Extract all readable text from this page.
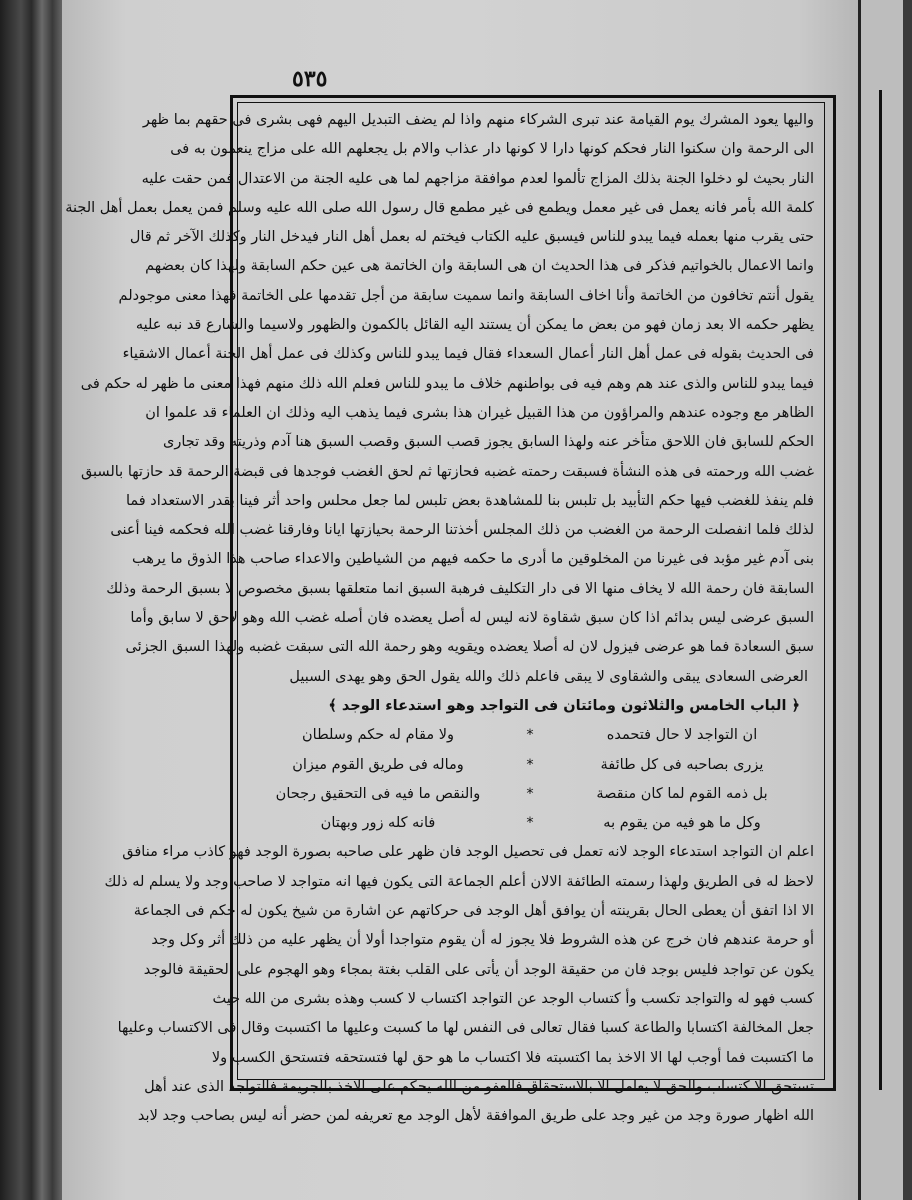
٥٣٥
واليها يعود المشرك يوم القيامة عند تبرى الشركاء منهم واذا لم يضف التبديل اليهم فهى بشرى فى حقهم بما ظهر
الى الرحمة وان سكنوا النار فحكم كونها دارا لا كونها دار عذاب والام بل يجعلهم الله على مزاج ينعمون به فى
النار بحيث لو دخلوا الجنة بذلك المزاج تألموا لعدم موافقة مزاجهم لما هى عليه الجنة من الاعتدال فمن حقت عليه
كلمة الله بأمر فانه يعمل فى غير معمل ويطمع فى غير مطمع قال رسول الله صلى الله عليه وسلم فمن يعمل بعمل أهل الجنة
حتى يقرب منها بعمله فيما يبدو للناس فيسبق عليه الكتاب فيختم له بعمل أهل النار فيدخل النار وكذلك الآخر ثم قال
وانما الاعمال بالخواتيم فذكر فى هذا الحديث ان هى السابقة وان الخاتمة هى عين حكم السابقة ولهذا كان بعضهم
يقول أنتم تخافون من الخاتمة وأنا اخاف السابقة وانما سميت سابقة من أجل تقدمها على الخاتمة فهذا معنى موجودلم
يظهر حكمه الا بعد زمان فهو من بعض ما يمكن أن يستند اليه القائل بالكمون والظهور ولاسيما والشارع قد نبه عليه
فى الحديث بقوله فى عمل أهل النار أعمال السعداء فقال فيما يبدو للناس وكذلك فى عمل أهل الجنة أعمال الاشقياء
فيما يبدو للناس والذى عند هم وهم فيه فى بواطنهم خلاف ما يبدو للناس فعلم الله ذلك منهم فهذا معنى ما ظهر له حكم فى
الظاهر مع وجوده عندهم والمراؤون من هذا القبيل غيران هذا بشرى فيما يذهب اليه وذلك ان العلماء قد علموا ان
الحكم للسابق فان اللاحق متأخر عنه ولهذا السابق يجوز قصب السبق وقصب السبق هنا آدم وذريته وقد تجارى
غضب الله ورحمته فى هذه النشأة فسبقت رحمته غضبه فحازتها ثم لحق الغضب فوجدها فى قبضة الرحمة قد حازتها بالسبق
فلم ينفذ للغضب فيها حكم التأبيد بل تلبس بنا للمشاهدة بعض تلبس لما جعل محلس واحد أثر فينا بقدر الاستعداد فما
لذلك فلما انفصلت الرحمة من الغضب من ذلك المجلس أخذتنا الرحمة بحيازتها ايانا وفارقنا غضب الله فحكمه فينا أعنى
بنى آدم غير مؤبد فى غيرنا من المخلوقين ما أدرى ما حكمه فيهم من الشياطين والاعداء صاحب هذا الذوق ما يرهب
السابقة فان رحمة الله لا يخاف منها الا فى دار التكليف فرهبة السبق انما متعلقها بسبق مخصوص لا بسبق الرحمة وذلك
السبق عرضى ليس بدائم اذا كان سبق شقاوة لانه ليس له أصل يعضده فان أصله غضب الله وهو لاحق لا سابق وأما
سبق السعادة فما هو عرضى فيزول لان له أصلا يعضده ويقويه وهو رحمة الله التى سبقت غضبه ولهذا السبق الجزئى
العرضى السعادى يبقى والشقاوى لا يبقى فاعلم ذلك والله يقول الحق وهو يهدى السبيل
﴿ الباب الخامس والثلاثون ومائتان فى التواجد وهو استدعاء الوجد ﴾
ان التواجد لا حال فتحمده
*
ولا مقام له حكم وسلطان
يزرى بصاحبه فى كل طائفة
*
وماله فى طريق القوم ميزان
بل ذمه القوم لما كان منقصة
*
والنقص ما فيه فى التحقيق رجحان
وكل ما هو فيه من يقوم به
*
فانه كله زور وبهتان
اعلم ان التواجد استدعاء الوجد لانه تعمل فى تحصيل الوجد فان ظهر على صاحبه بصورة الوجد فهو كاذب مراء منافق
لاحظ له فى الطريق ولهذا رسمته الطائفة الالان أعلم الجماعة التى يكون فيها انه متواجد لا صاحب وجد ولا يسلم له ذلك
الا اذا اتفق أن يعطى الحال بقرينته أن يوافق أهل الوجد فى حركاتهم عن اشارة من شيخ يكون له حكم فى الجماعة
أو حرمة عندهم فان خرج عن هذه الشروط فلا يجوز له أن يقوم متواجدا أولا أن يظهر عليه من ذلك أثر وكل وجد
يكون عن تواجد فليس بوجد فان من حقيقة الوجد أن يأتى على القلب بغتة بمجاء وهو الهجوم على الحقيقة فالوجد
كسب فهو له والتواجد تكسب وأ كتساب الوجد عن التواجد اكتساب لا كسب وهذه بشرى من الله حيث
جعل المخالفة اكتسابا والطاعة كسبا فقال تعالى فى النفس لها ما كسبت وعليها ما اكتسبت وقال فى الاكتساب وعليها
ما اكتسبت فما أوجب لها الا الاخذ بما اكتسبته فلا اكتساب ما هو حق لها فتستحقه فتستحق الكسب ولا
تستحق الا كتساب والحق لا يعامل الا بالاستحقاق فالعفو من الله يحكم على الاخذ بالجريمة فالتواجد الذى عند أهل
الله اظهار صورة وجد من غير وجد على طريق الموافقة لأهل الوجد مع تعريفه لمن حضر أنه ليس بصاحب وجد لابد
